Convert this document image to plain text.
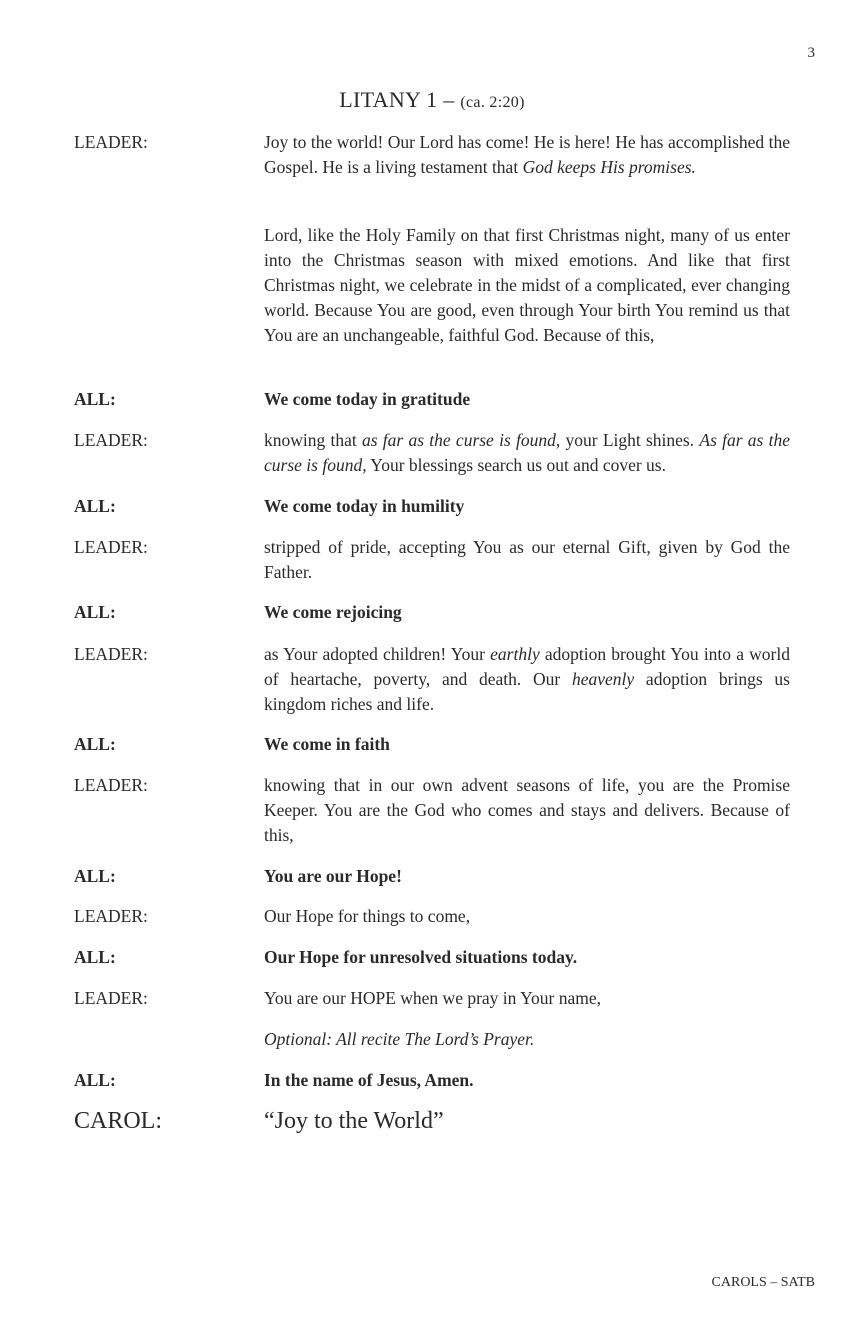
3
LITANY 1 – (ca. 2:20)
LEADER:	Joy to the world! Our Lord has come! He is here! He has accomplished the Gospel. He is a living testament that God keeps His promises.
Lord, like the Holy Family on that first Christmas night, many of us enter into the Christmas season with mixed emotions. And like that first Christmas night, we celebrate in the midst of a complicated, ever changing world. Because You are good, even through Your birth You remind us that You are an unchangeable, faithful God. Because of this,
ALL:	We come today in gratitude
LEADER:	knowing that as far as the curse is found, your Light shines. As far as the curse is found, Your blessings search us out and cover us.
ALL:	We come today in humility
LEADER:	stripped of pride, accepting You as our eternal Gift, given by God the Father.
ALL:	We come rejoicing
LEADER:	as Your adopted children! Your earthly adoption brought You into a world of heartache, poverty, and death. Our heavenly adoption brings us kingdom riches and life.
ALL:	We come in faith
LEADER:	knowing that in our own advent seasons of life, you are the Promise Keeper. You are the God who comes and stays and delivers. Because of this,
ALL:	You are our Hope!
LEADER:	Our Hope for things to come,
ALL:	Our Hope for unresolved situations today.
LEADER:	You are our HOPE when we pray in Your name,
Optional: All recite The Lord’s Prayer.
ALL:	In the name of Jesus, Amen.
CAROL:	“Joy to the World”
CAROLS – SATB
